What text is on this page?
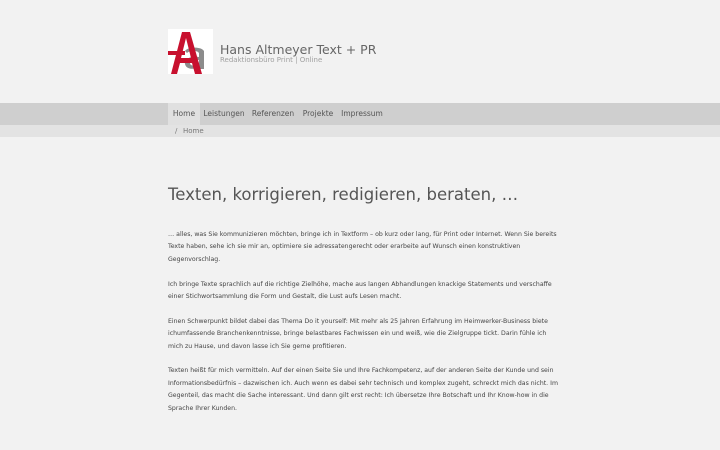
Hans Altmeyer Text + PR
Redaktionsbüro Print | Online
Home	Leistungen Referenzen	Projekte	Impressum
/ Home
Texten, korrigieren, redigieren, beraten, …

… alles, was Sie kommunizieren möchten, bringe ich in Textform – ob kurz oder lang, für Print oder Internet. Wenn Sie bereits Texte haben, sehe ich sie mir an, optimiere sie adressatengerecht oder erarbeite auf Wunsch einen konstruktiven Gegenvorschlag.

Ich bringe Texte sprachlich auf die richtige Zielhöhe, mache aus langen Abhandlungen knackige Statements und verschaffe einer Stichwortsammlung die Form und Gestalt, die Lust aufs Lesen macht.

Einen Schwerpunkt bildet dabei das Thema Do it yourself: Mit mehr als 25 Jahren Erfahrung im Heimwerker-Business biete ichumfassende Branchenkenntnisse, bringe belastbares Fachwissen ein und weiß, wie die Zielgruppe tickt. Darin fühle ich mich zu Hause, und davon lasse ich Sie gerne profitieren.

Texten heißt für mich vermitteln. Auf der einen Seite Sie und Ihre Fachkompetenz, auf der anderen Seite der Kunde und sein Informationsbedürfnis – dazwischen ich. Auch wenn es dabei sehr technisch und komplex zugeht, schreckt mich das nicht. Im Gegenteil, das macht die Sache interessant. Und dann gilt erst recht: Ich übersetze Ihre Botschaft und Ihr Know-how in die Sprache Ihrer Kunden.
